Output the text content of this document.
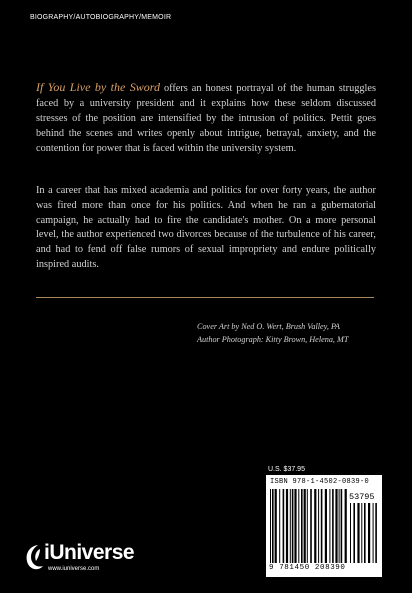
BIOGRAPHY/AUTOBIOGRAPHY/MEMOIR

If You Live by the Sword offers an honest portrayal of the human struggles faced by a university president and it explains how these seldom discussed stresses of the position are intensified by the intrusion of politics. Pettit goes behind the scenes and writes openly about intrigue, betrayal, anxiety, and the contention for power that is faced within the university system.

In a career that has mixed academia and politics for over forty years, the author was fired more than once for his politics. And when he ran a gubernatorial campaign, he actually had to fire the candidate's mother. On a more personal level, the author experienced two divorces because of the turbulence of his career, and had to fend off false rumors of sexual impropriety and endure politically inspired audits.

Cover Art by Ned O. Wert, Brush Valley, PA
Author Photograph: Kitty Brown, Helena, MT
U.S. $37.95
ISBN 978-1-4502-0839-0
53795
9 781450 208390
iUniverse
www.iuniverse.com
